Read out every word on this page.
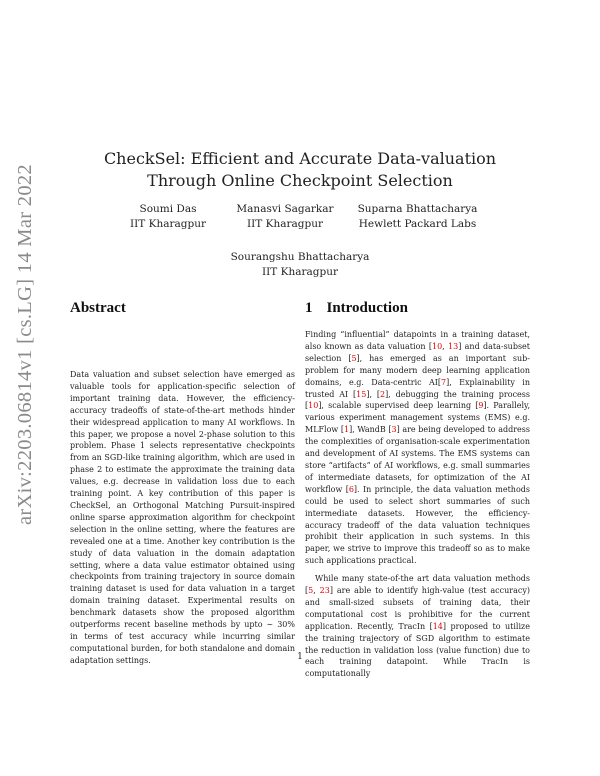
arXiv:2203.06814v1 [cs.LG] 14 Mar 2022
CheckSel: Efficient and Accurate Data-valuation
Through Online Checkpoint Selection
Soumi Das
IIT Kharagpur
Manasvi Sagarkar
IIT Kharagpur
Suparna Bhattacharya
Hewlett Packard Labs
Sourangshu Bhattacharya
IIT Kharagpur
Abstract	1 Introduction

Data valuation and subset selection have emerged as valuable tools for application-specific selection of important training data. However, the efficiency-accuracy tradeoffs of state-of-the-art methods hinder their widespread application to many AI workflows. In this paper, we propose a novel 2-phase solution to this problem. Phase 1 selects representative checkpoints from an SGD-like training algorithm, which are used in phase 2 to estimate the approximate the training data values, e.g. decrease in validation loss due to each training point. A key contribution of this paper is CheckSel, an Orthogonal Matching Pursuit-inspired online sparse approximation algorithm for checkpoint selection in the online setting, where the features are revealed one at a time. Another key contribution is the study of data valuation in the domain adaptation setting, where a data value estimator obtained using checkpoints from training trajectory in source domain training dataset is used for data valuation in a target domain training dataset. Experimental results on benchmark datasets show the proposed algorithm outperforms recent baseline methods by upto ∼ 30% in terms of test accuracy while incurring similar computational burden, for both standalone and domain adaptation settings.

Finding “influential” datapoints in a training dataset, also known as data valuation [10, 13] and data-subset selection [5], has emerged as an important sub-problem for many modern deep learning application domains, e.g. Data-centric AI[7], Explainability in trusted AI [15], [2], debugging the training process [10], scalable supervised deep learning [9]. Parallely, various experiment management systems (EMS) e.g. MLFlow [1], WandB [3] are being developed to address the complexities of organisation-scale experimentation and development of AI systems. The EMS systems can store “artifacts” of AI workflows, e.g. small summaries of intermediate datasets, for optimization of the AI workflow [6]. In principle, the data valuation methods could be used to select short summaries of such intermediate datasets. However, the efficiency-accuracy tradeoff of the data valuation techniques prohibit their application in such systems. In this paper, we strive to improve this tradeoff so as to make such applications practical.

While many state-of-the art data valuation methods [5, 23] are able to identify high-value (test accuracy) and small-sized subsets of training data, their computational cost is prohibitive for the current application. Recently, TracIn [14] proposed to utilize the training trajectory of SGD algorithm to estimate the reduction in validation loss (value function) due to each training datapoint. While TracIn is computationally

1
